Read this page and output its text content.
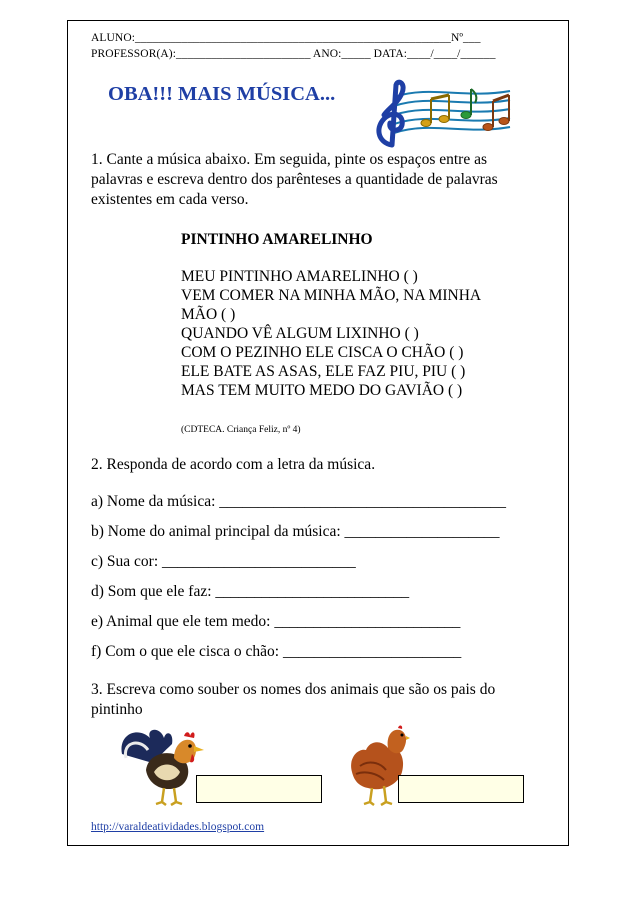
ALUNO:______________________________________________________Nº___
PROFESSOR(A):_______________________ ANO:_____ DATA:____/____/______
OBA!!! MAIS MÚSICA...
1. Cante a música abaixo. Em seguida, pinte os espaços entre as
palavras e escreva dentro dos parênteses a quantidade de palavras
existentes em cada verso.
PINTINHO AMARELINHO
MEU PINTINHO AMARELINHO ( )
VEM COMER NA MINHA MÃO, NA MINHA
MÃO ( )
QUANDO VÊ ALGUM LIXINHO ( )
COM O PEZINHO ELE CISCA O CHÃO ( )
ELE BATE AS ASAS, ELE FAZ PIU, PIU ( )
MAS TEM MUITO MEDO DO GAVIÃO ( )
(CDTECA. Criança Feliz, nº 4)
2. Responda de acordo com a letra da música.
a) Nome da música: _____________________________________
b) Nome do animal principal da música: ____________________
c) Sua cor: _________________________
d) Som que ele faz: _________________________
e) Animal que ele tem medo: ________________________
f) Com o que ele cisca o chão: _______________________
3. Escreva como souber os nomes dos animais que são os pais do
pintinho
http://varaldeatividades.blogspot.com
